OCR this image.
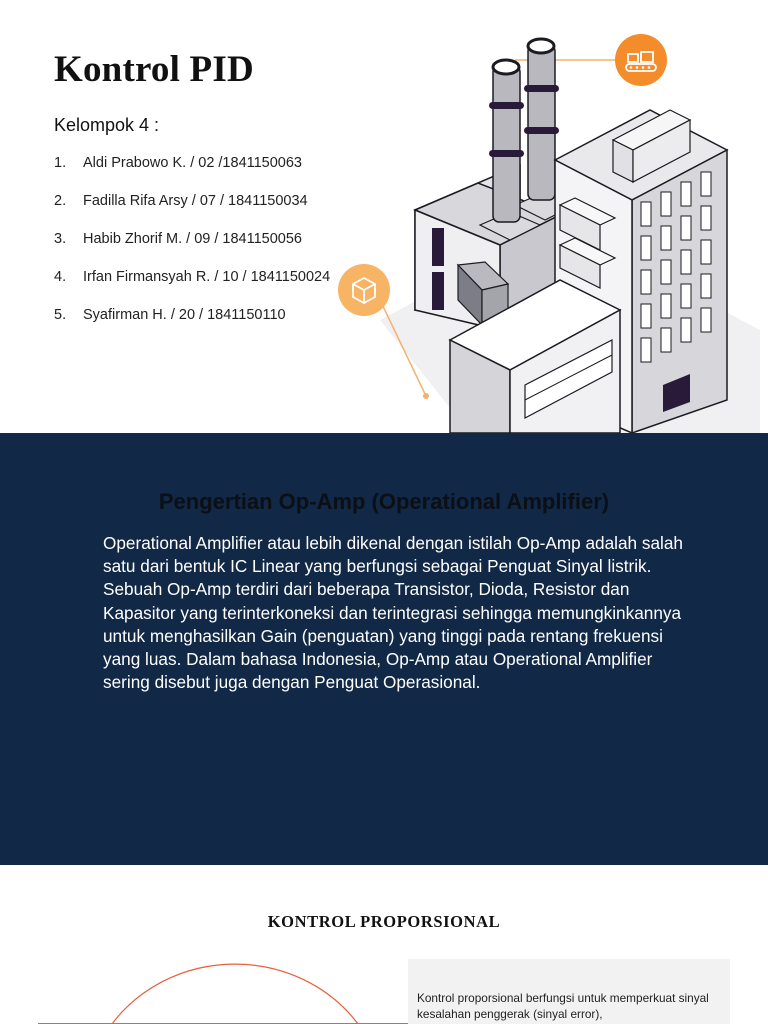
Kontrol PID
Kelompok 4 :
1.	Aldi Prabowo K. / 02 /1841150063
2.	Fadilla Rifa Arsy / 07 / 1841150034
3.	Habib Zhorif M. / 09 / 1841150056
4.	Irfan Firmansyah R. / 10 / 1841150024
5.	Syafirman H. / 20 / 1841150110
Pengertian Op-Amp (Operational Amplifier)

Operational Amplifier atau lebih dikenal dengan istilah Op-Amp adalah salah satu dari bentuk IC Linear yang berfungsi sebagai Penguat Sinyal listrik. Sebuah Op-Amp terdiri dari beberapa Transistor, Dioda, Resistor dan Kapasitor yang terinterkoneksi dan terintegrasi sehingga memungkinkannya untuk menghasilkan Gain (penguatan) yang tinggi pada rentang frekuensi yang luas. Dalam bahasa Indonesia, Op-Amp atau Operational Amplifier sering disebut juga dengan Penguat Operasional.

KONTROL PROPORSIONAL

Kontrol proporsional berfungsi untuk memperkuat sinyal kesalahan penggerak (sinyal error),
